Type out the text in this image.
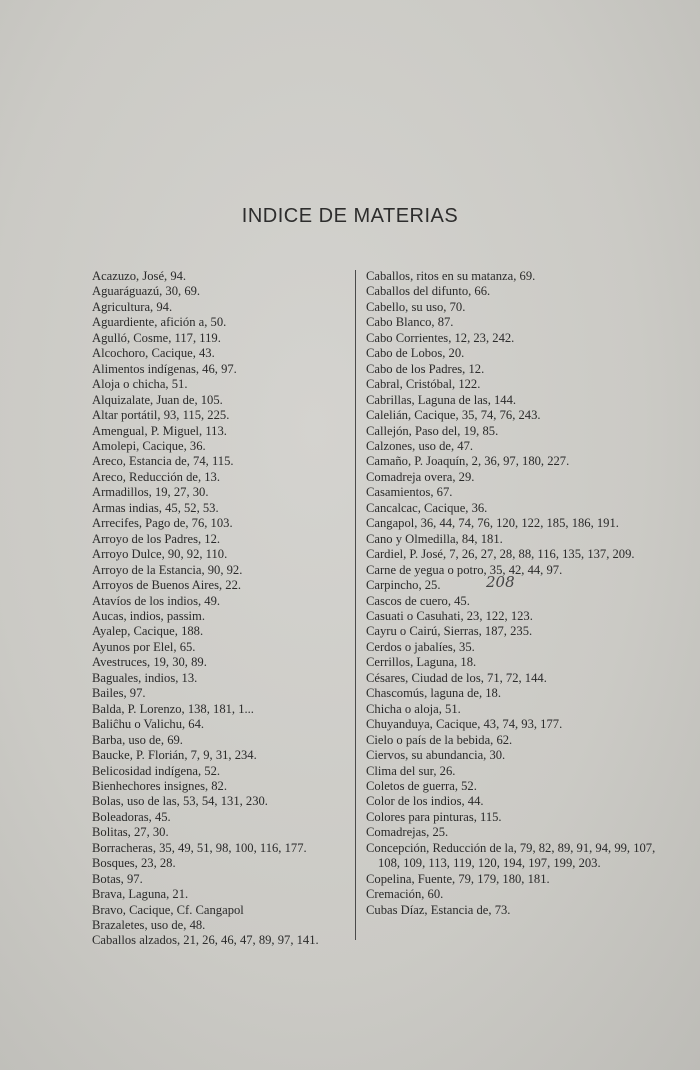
INDICE DE MATERIAS
Acazuzo, José, 94.
Aguaráguazú, 30, 69.
Agricultura, 94.
Aguardiente, afición a, 50.
Agulló, Cosme, 117, 119.
Alcochoro, Cacique, 43.
Alimentos indígenas, 46, 97.
Aloja o chicha, 51.
Alquizalate, Juan de, 105.
Altar portátil, 93, 115, 225.
Amengual, P. Miguel, 113.
Amolepi, Cacique, 36.
Areco, Estancia de, 74, 115.
Areco, Reducción de, 13.
Armadillos, 19, 27, 30.
Armas indias, 45, 52, 53.
Arrecifes, Pago de, 76, 103.
Arroyo de los Padres, 12.
Arroyo Dulce, 90, 92, 110.
Arroyo de la Estancia, 90, 92.
Arroyos de Buenos Aires, 22.
Atavíos de los indios, 49.
Aucas, indios, passim.
Ayalep, Cacique, 188.
Ayunos por Elel, 65.
Avestruces, 19, 30, 89.
Baguales, indios, 13.
Bailes, 97.
Balda, P. Lorenzo, 138, 181, 1...
Baliĉhu o Valichu, 64.
Barba, uso de, 69.
Baucke, P. Florián, 7, 9, 31, 234.
Belicosidad indígena, 52.
Bienhechores insignes, 82.
Bolas, uso de las, 53, 54, 131, 230.
Boleadoras, 45.
Bolitas, 27, 30.
Borracheras, 35, 49, 51, 98, 100, 116, 177.
Bosques, 23, 28.
Botas, 97.
Brava, Laguna, 21.
Bravo, Cacique, Cf. Cangapol
Brazaletes, uso de, 48.
Caballos alzados, 21, 26, 46, 47, 89, 97, 141.
Caballos, ritos en su matanza, 69.
Caballos del difunto, 66.
Cabello, su uso, 70.
Cabo Blanco, 87.
Cabo Corrientes, 12, 23, 242.
Cabo de Lobos, 20.
Cabo de los Padres, 12.
Cabral, Cristóbal, 122.
Cabrillas, Laguna de las, 144.
Calelián, Cacique, 35, 74, 76, 243.
Callejón, Paso del, 19, 85.
Calzones, uso de, 47.
Camaño, P. Joaquín, 2, 36, 97, 180, 227.
Comadreja overa, 29.
Casamientos, 67.
Cancalcac, Cacique, 36.
Cangapol, 36, 44, 74, 76, 120, 122, 185, 186, 191.
Cano y Olmedilla, 84, 181.
Cardiel, P. José, 7, 26, 27, 28, 88, 116, 135, 137, 209.
Carne de yegua o potro, 35, 42, 44, 97.
Carpincho, 25.
Cascos de cuero, 45.
Casuati o Casuhati, 23, 122, 123.
Cayru o Cairú, Sierras, 187, 235.
Cerdos o jabalíes, 35.
Cerrillos, Laguna, 18.
Césares, Ciudad de los, 71, 72, 144.
Chascomús, laguna de, 18.
Chicha o aloja, 51.
Chuyanduya, Cacique, 43, 74, 93, 177.
Cielo o país de la bebida, 62.
Ciervos, su abundancia, 30.
Clima del sur, 26.
Coletos de guerra, 52.
Color de los indios, 44.
Colores para pinturas, 115.
Comadrejas, 25.
Concepción, Reducción de la, 79, 82, 89, 91, 94, 99, 107, 108, 109, 113, 119, 120, 194, 197, 199, 203.
Copelina, Fuente, 79, 179, 180, 181.
Cremación, 60.
Cubas Díaz, Estancia de, 73.
208
